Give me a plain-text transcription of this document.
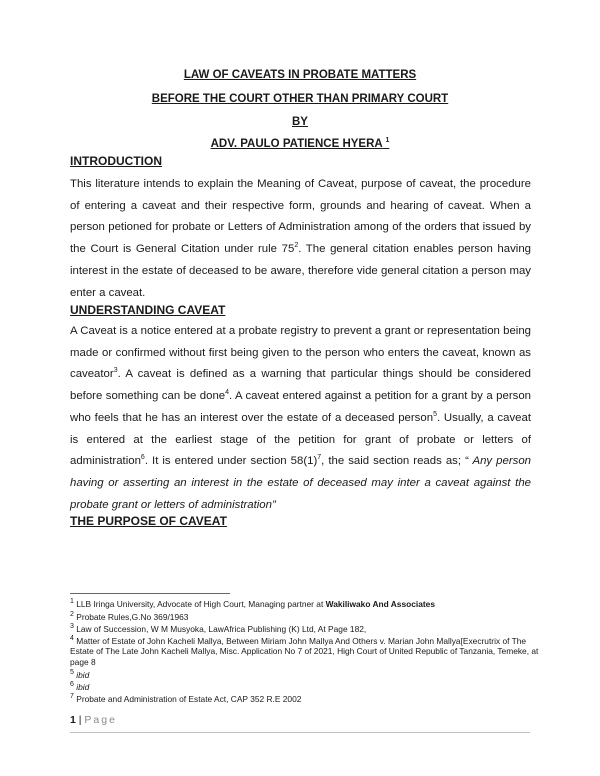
LAW OF CAVEATS IN PROBATE MATTERS
BEFORE THE COURT OTHER THAN PRIMARY COURT
BY
ADV. PAULO PATIENCE HYERA $^1$
INTRODUCTION
This literature intends to explain the Meaning of Caveat, purpose of caveat, the procedure of entering a caveat and their respective form, grounds and hearing of caveat. When a person petioned for probate or Letters of Administration among of the orders that issued by the Court is General Citation under rule $75^2$. The general citation enables person having interest in the estate of deceased to be aware, therefore vide general citation a person may enter a caveat.
UNDERSTANDING CAVEAT
A Caveat is a notice entered at a probate registry to prevent a grant or representation being made or confirmed without first being given to the person who enters the caveat, known as caveator$^3$. A caveat is defined as a warning that particular things should be considered before something can be done$^4$. A caveat entered against a petition for a grant by a person who feels that he has an interest over the estate of a deceased person$^5$. Usually, a caveat is entered at the earliest stage of the petition for grant of probate or letters of administration$^6$. It is entered under section $58(1)^7$, the said section reads as; “ Any person having or asserting an interest in the estate of deceased may inter a caveat against the probate grant or letters of administration”
THE PURPOSE OF CAVEAT
$^1$ LLB Iringa University, Advocate of High Court, Managing partner at Wakiliwako And Associates
$^2$ Probate Rules,G.No 369/1963
$^3$ Law of Succession, W M Musyoka, LawAfrica Publishing (K) Ltd, At Page 182,
$^4$ Matter of Estate of John Kacheli Mallya, Between Miriam John Mallya And Others v. Marian John Mallya[Execrutrix of The Estate of The Late John Kacheli Mallya, Misc. Application No 7 of 2021, High Court of United Republic of Tanzania, Temeke, at page 8
$^5$ ibid
$^6$ ibid
$^7$ Probate and Administration of Estate Act, CAP 352 R.E 2002
1 | Page
